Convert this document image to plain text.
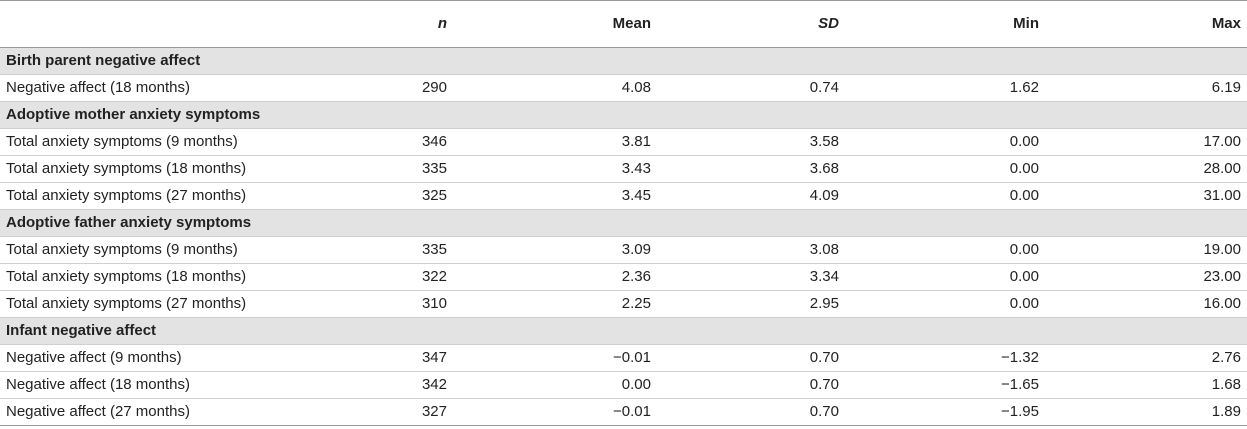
	n	Mean	SD	Min	Max
Birth parent negative affect					
Negative affect (18 months)	290	4.08	0.74	1.62	6.19
Adoptive mother anxiety symptoms					
Total anxiety symptoms (9 months)	346	3.81	3.58	0.00	17.00
Total anxiety symptoms (18 months)	335	3.43	3.68	0.00	28.00
Total anxiety symptoms (27 months)	325	3.45	4.09	0.00	31.00
Adoptive father anxiety symptoms					
Total anxiety symptoms (9 months)	335	3.09	3.08	0.00	19.00
Total anxiety symptoms (18 months)	322	2.36	3.34	0.00	23.00
Total anxiety symptoms (27 months)	310	2.25	2.95	0.00	16.00
Infant negative affect					
Negative affect (9 months)	347	−0.01	0.70	−1.32	2.76
Negative affect (18 months)	342	0.00	0.70	−1.65	1.68
Negative affect (27 months)	327	−0.01	0.70	−1.95	1.89
